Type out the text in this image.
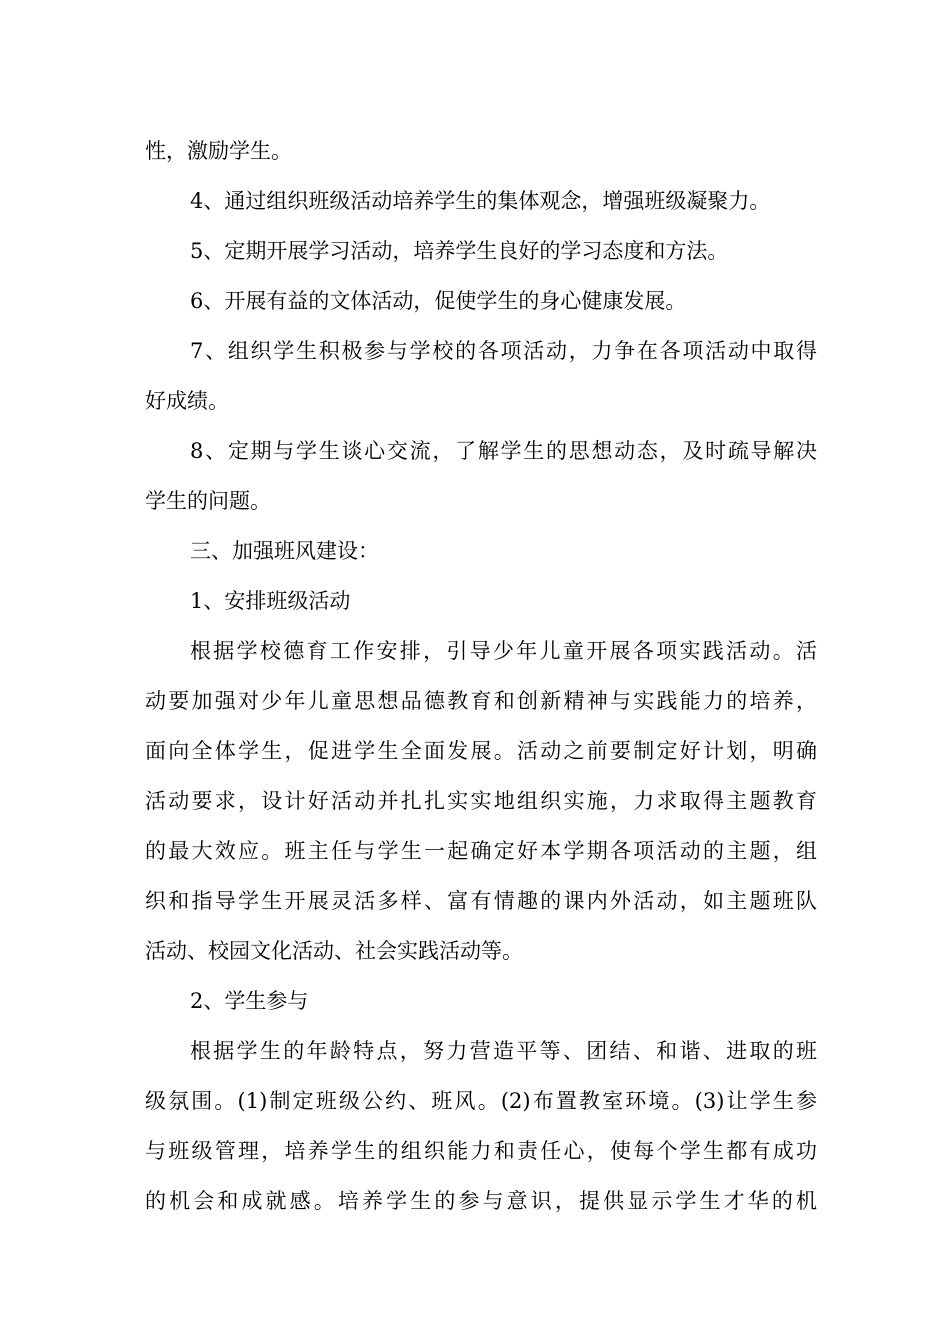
性，激励学生。
4、通过组织班级活动培养学生的集体观念，增强班级凝聚力。
5、定期开展学习活动，培养学生良好的学习态度和方法。
6、开展有益的文体活动，促使学生的身心健康发展。
7、组织学生积极参与学校的各项活动，力争在各项活动中取得
好成绩。
8、定期与学生谈心交流，了解学生的思想动态，及时疏导解决
学生的问题。
三、加强班风建设：
1、安排班级活动
根据学校德育工作安排，引导少年儿童开展各项实践活动。活
动要加强对少年儿童思想品德教育和创新精神与实践能力的培养，
面向全体学生，促进学生全面发展。活动之前要制定好计划，明确
活动要求，设计好活动并扎扎实实地组织实施，力求取得主题教育
的最大效应。班主任与学生一起确定好本学期各项活动的主题，组
织和指导学生开展灵活多样、富有情趣的课内外活动，如主题班队
活动、校园文化活动、社会实践活动等。
2、学生参与
根据学生的年龄特点，努力营造平等、团结、和谐、进取的班
级氛围。(1)制定班级公约、班风。(2)布置教室环境。(3)让学生参
与班级管理，培养学生的组织能力和责任心，使每个学生都有成功
的机会和成就感。培养学生的参与意识，提供显示学生才华的机
